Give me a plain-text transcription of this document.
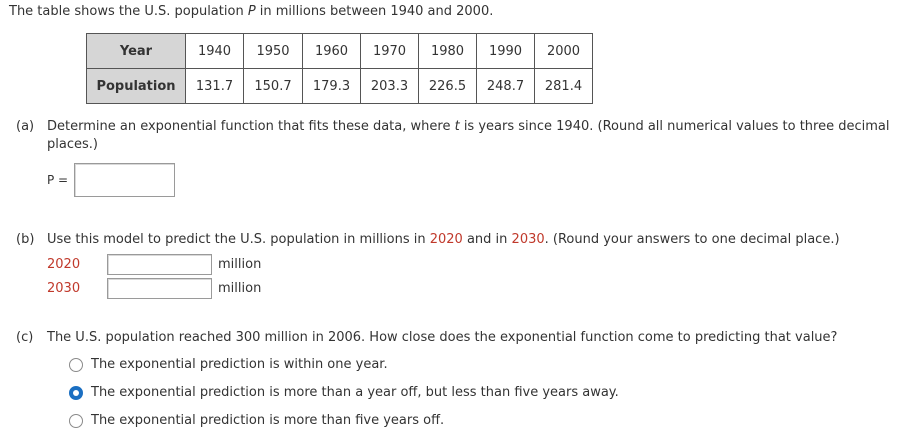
The table shows the U.S. population P in millions between 1940 and 2000.
Year	1940	1950	1960	1970	1980	1990	2000
Population	131.7	150.7	179.3	203.3	226.5	248.7	281.4
(a) Determine an exponential function that fits these data, where t is years since 1940. (Round all numerical values to three decimal
places.)
P =
(b) Use this model to predict the U.S. population in millions in 2020 and in 2030. (Round your answers to one decimal place.)
2020	million
2030	million
(c) The U.S. population reached 300 million in 2006. How close does the exponential function come to predicting that value?
The exponential prediction is within one year.
The exponential prediction is more than a year off, but less than five years away.
The exponential prediction is more than five years off.
